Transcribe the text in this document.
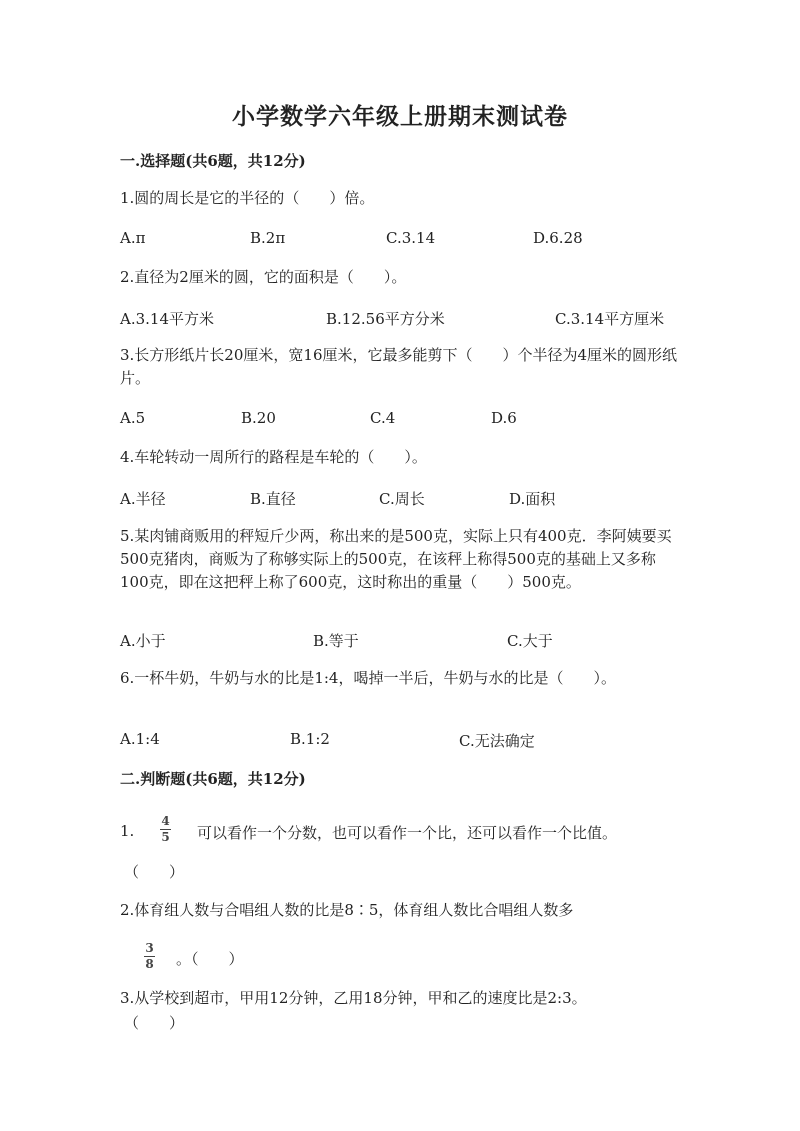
小学数学六年级上册期末测试卷
一.选择题(共6题，共12分)
1.圆的周长是它的半径的（　　）倍。
A.π	B.2π	C.3.14	D.6.28
2.直径为2厘米的圆，它的面积是（　　）。
A.3.14平方米	B.12.56平方分米	C.3.14平方厘米
3.长方形纸片长20厘米，宽16厘米，它最多能剪下（　　）个半径为4厘米的圆形纸片。
A.5	B.20	C.4	D.6
4.车轮转动一周所行的路程是车轮的（　　）。
A.半径	B.直径	C.周长	D.面积
5.某肉铺商贩用的秤短斤少两，称出来的是500克，实际上只有400克．李阿姨要买500克猪肉，商贩为了称够实际上的500克，在该秤上称得500克的基础上又多称100克，即在这把秤上称了600克，这时称出的重量（　　）500克。
A.小于	B.等于	C.大于
6.一杯牛奶，牛奶与水的比是1:4，喝掉一半后，牛奶与水的比是（　　）。
A.1:4	B.1:2	C.无法确定
二.判断题(共6题，共12分)
1.
4
5 可以看作一个分数，也可以看作一个比，还可以看作一个比值。
（　　）
2.体育组人数与合唱组人数的比是8∶5，体育组人数比合唱组人数多
3
8 。（　　）
3.从学校到超市，甲用12分钟，乙用18分钟，甲和乙的速度比是2:3。
（　　）
